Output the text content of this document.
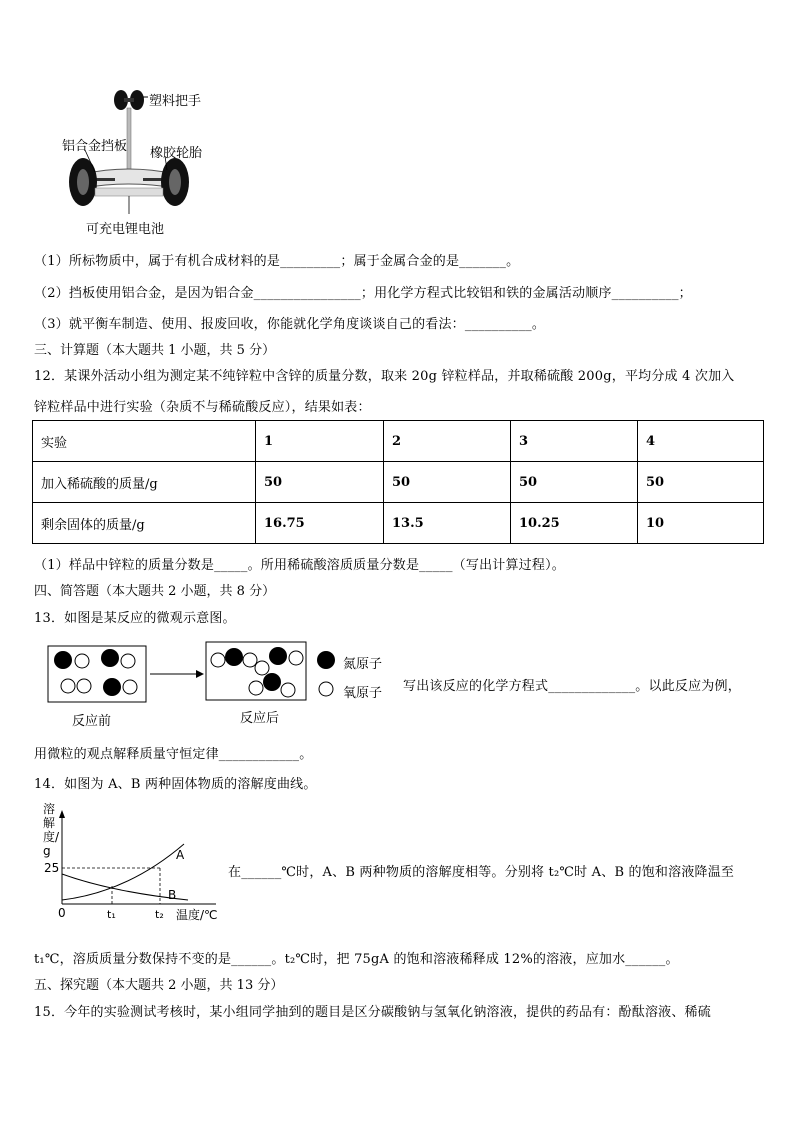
塑料把手
铝合金挡板 橡胶轮胎
可充电锂电池
（1）所标物质中，属于有机合成材料的是_________；属于金属合金的是_______。
（2）挡板使用铝合金，是因为铝合金________________；用化学方程式比较铝和铁的金属活动顺序__________；
（3）就平衡车制造、使用、报废回收，你能就化学角度谈谈自己的看法：__________。
三、计算题（本大题共 1 小题，共 5 分）
12．某课外活动小组为测定某不纯锌粒中含锌的质量分数，取来 20g 锌粒样品，并取稀硫酸 200g，平均分成 4 次加入
锌粒样品中进行实验（杂质不与稀硫酸反应），结果如表：
实验	1	2	3	4
加入稀硫酸的质量/g	50	50	50	50
剩余固体的质量/g	16.75	13.5	10.25	10
（1）样品中锌粒的质量分数是_____。所用稀硫酸溶质质量分数是_____（写出计算过程）。
四、简答题（本大题共 2 小题，共 8 分）
13．如图是某反应的微观示意图。
反应前	反应后
氮原子
氧原子 写出该反应的化学方程式_____________。以此反应为例，
用微粒的观点解释质量守恒定律____________。
14．如图为 A、B 两种固体物质的溶解度曲线。
溶解度/g
25
0	t₁	t₂ 温度/℃
A
B
在______℃时，A、B 两种物质的溶解度相等。分别将 t₂℃时 A、B 的饱和溶液降温至
t₁℃，溶质质量分数保持不变的是______。t₂℃时，把 75gA 的饱和溶液稀释成 12%的溶液，应加水______。
五、探究题（本大题共 2 小题，共 13 分）
15．今年的实验测试考核时，某小组同学抽到的题目是区分碳酸钠与氢氧化钠溶液，提供的药品有：酚酞溶液、稀硫
